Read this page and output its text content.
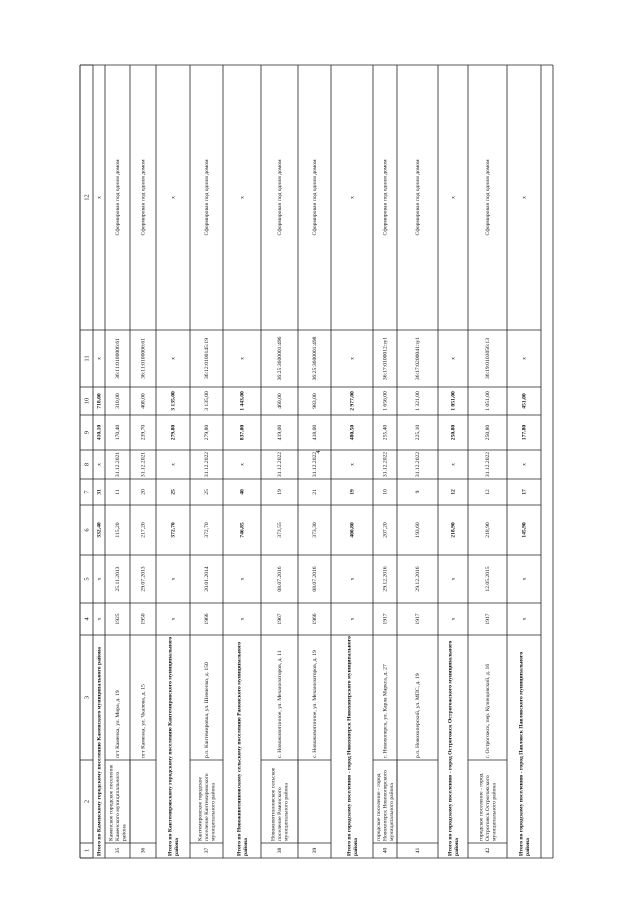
4
1
2
3
4
5
6
7
8
9
10
11
12
Итого по Каменскому городскому поселению Каменского муниципального района
x
x
332,40
31
x
410,10
718,00
x
x
35
Каменское городское поселениеКаменского муниципальногорайона
пгт Каменка, ул. Мира, д. 19
1925
25.11.2013
115,20
11
31.12.2021
170,40
310,00
36:11:0100006:61
Сформирован под одним домом
36
пгт Каменка, ул. Чкалова, д. 15
1950
29.07.2013
217,20
20
31.12.2021
239,70
408,00
36:11:0100006:61
Сформирован под одним домом
Итого по Кантемировскому городскому поселению Кантемировского муниципальногорайона
x
x
372,70
25
x
279,80
3 135,00
x
x
37
Кантемировское городскоепоселение Кантемировскогомуниципального района
р.п. Кантемировка, ул. Шевченко, д. 150
1966
20.01.2014
372,70
25
31.12.2022
279,80
3 135,00
36:12:0100145:19
Сформирован под одним домом
Итого по Новоживотинновскому сельскому поселению Рамонского муниципальногорайона
x
x
746,85
40
x
837,00
1 443,00
x
x
38
Новоживотинновское сельскоепоселение Рамонскогомуниципального района
с. Новоживотинное, ул. Механизаторов, д. 11
1967
08.07.2016
373,55
19
31.12.2022
419,00
460,00
36:25:3600001:496
Сформирован под одним домом
39
с. Новоживотинное, ул. Механизаторов, д. 19
1966
08.07.2016
373,30
21
31.12.2022
418,00
983,00
36:25:3600001:498
Сформирован под одним домом
Итого по городскому поселению - город Новохоперск Новохоперского муниципальногорайона
x
x
400,80
19
x
480,50
2 977,00
x
x
40
городское поселение - городНовохоперск Новохоперскогомуниципального района
г. Новохоперск, ул. Карла Маркса, д. 27
1917
29.12.2016
207,20
10
31.12.2022
255,40
1 656,00
36:17:0100012:зу1
Сформирован под одним домом
41
р.п. Новохоперский, ул. МПС, д. 19
1917
29.12.2016
193,60
9
31.12.2022
225,10
1 321,00
36:17:0200041:зу1
Сформирован под одним домом
Итого по городскому поселению - город Острогожск Острогожского муниципальногорайона
x
x
218,90
12
x
250,80
1 051,00
x
x
42
городское поселение - городОстрогожск Острогожскогомуниципального района
г. Острогожск, пер. Кузнецовский, д. 16
1917
12.05.2015
218,90
12
31.12.2022
250,80
1 051,00
36:19:0103056:13
Сформирован под одним домом
Итого по городскому поселению - город Павловск Павловского муниципальногорайона
x
x
145,90
17
x
177,80
451,00
x
x
